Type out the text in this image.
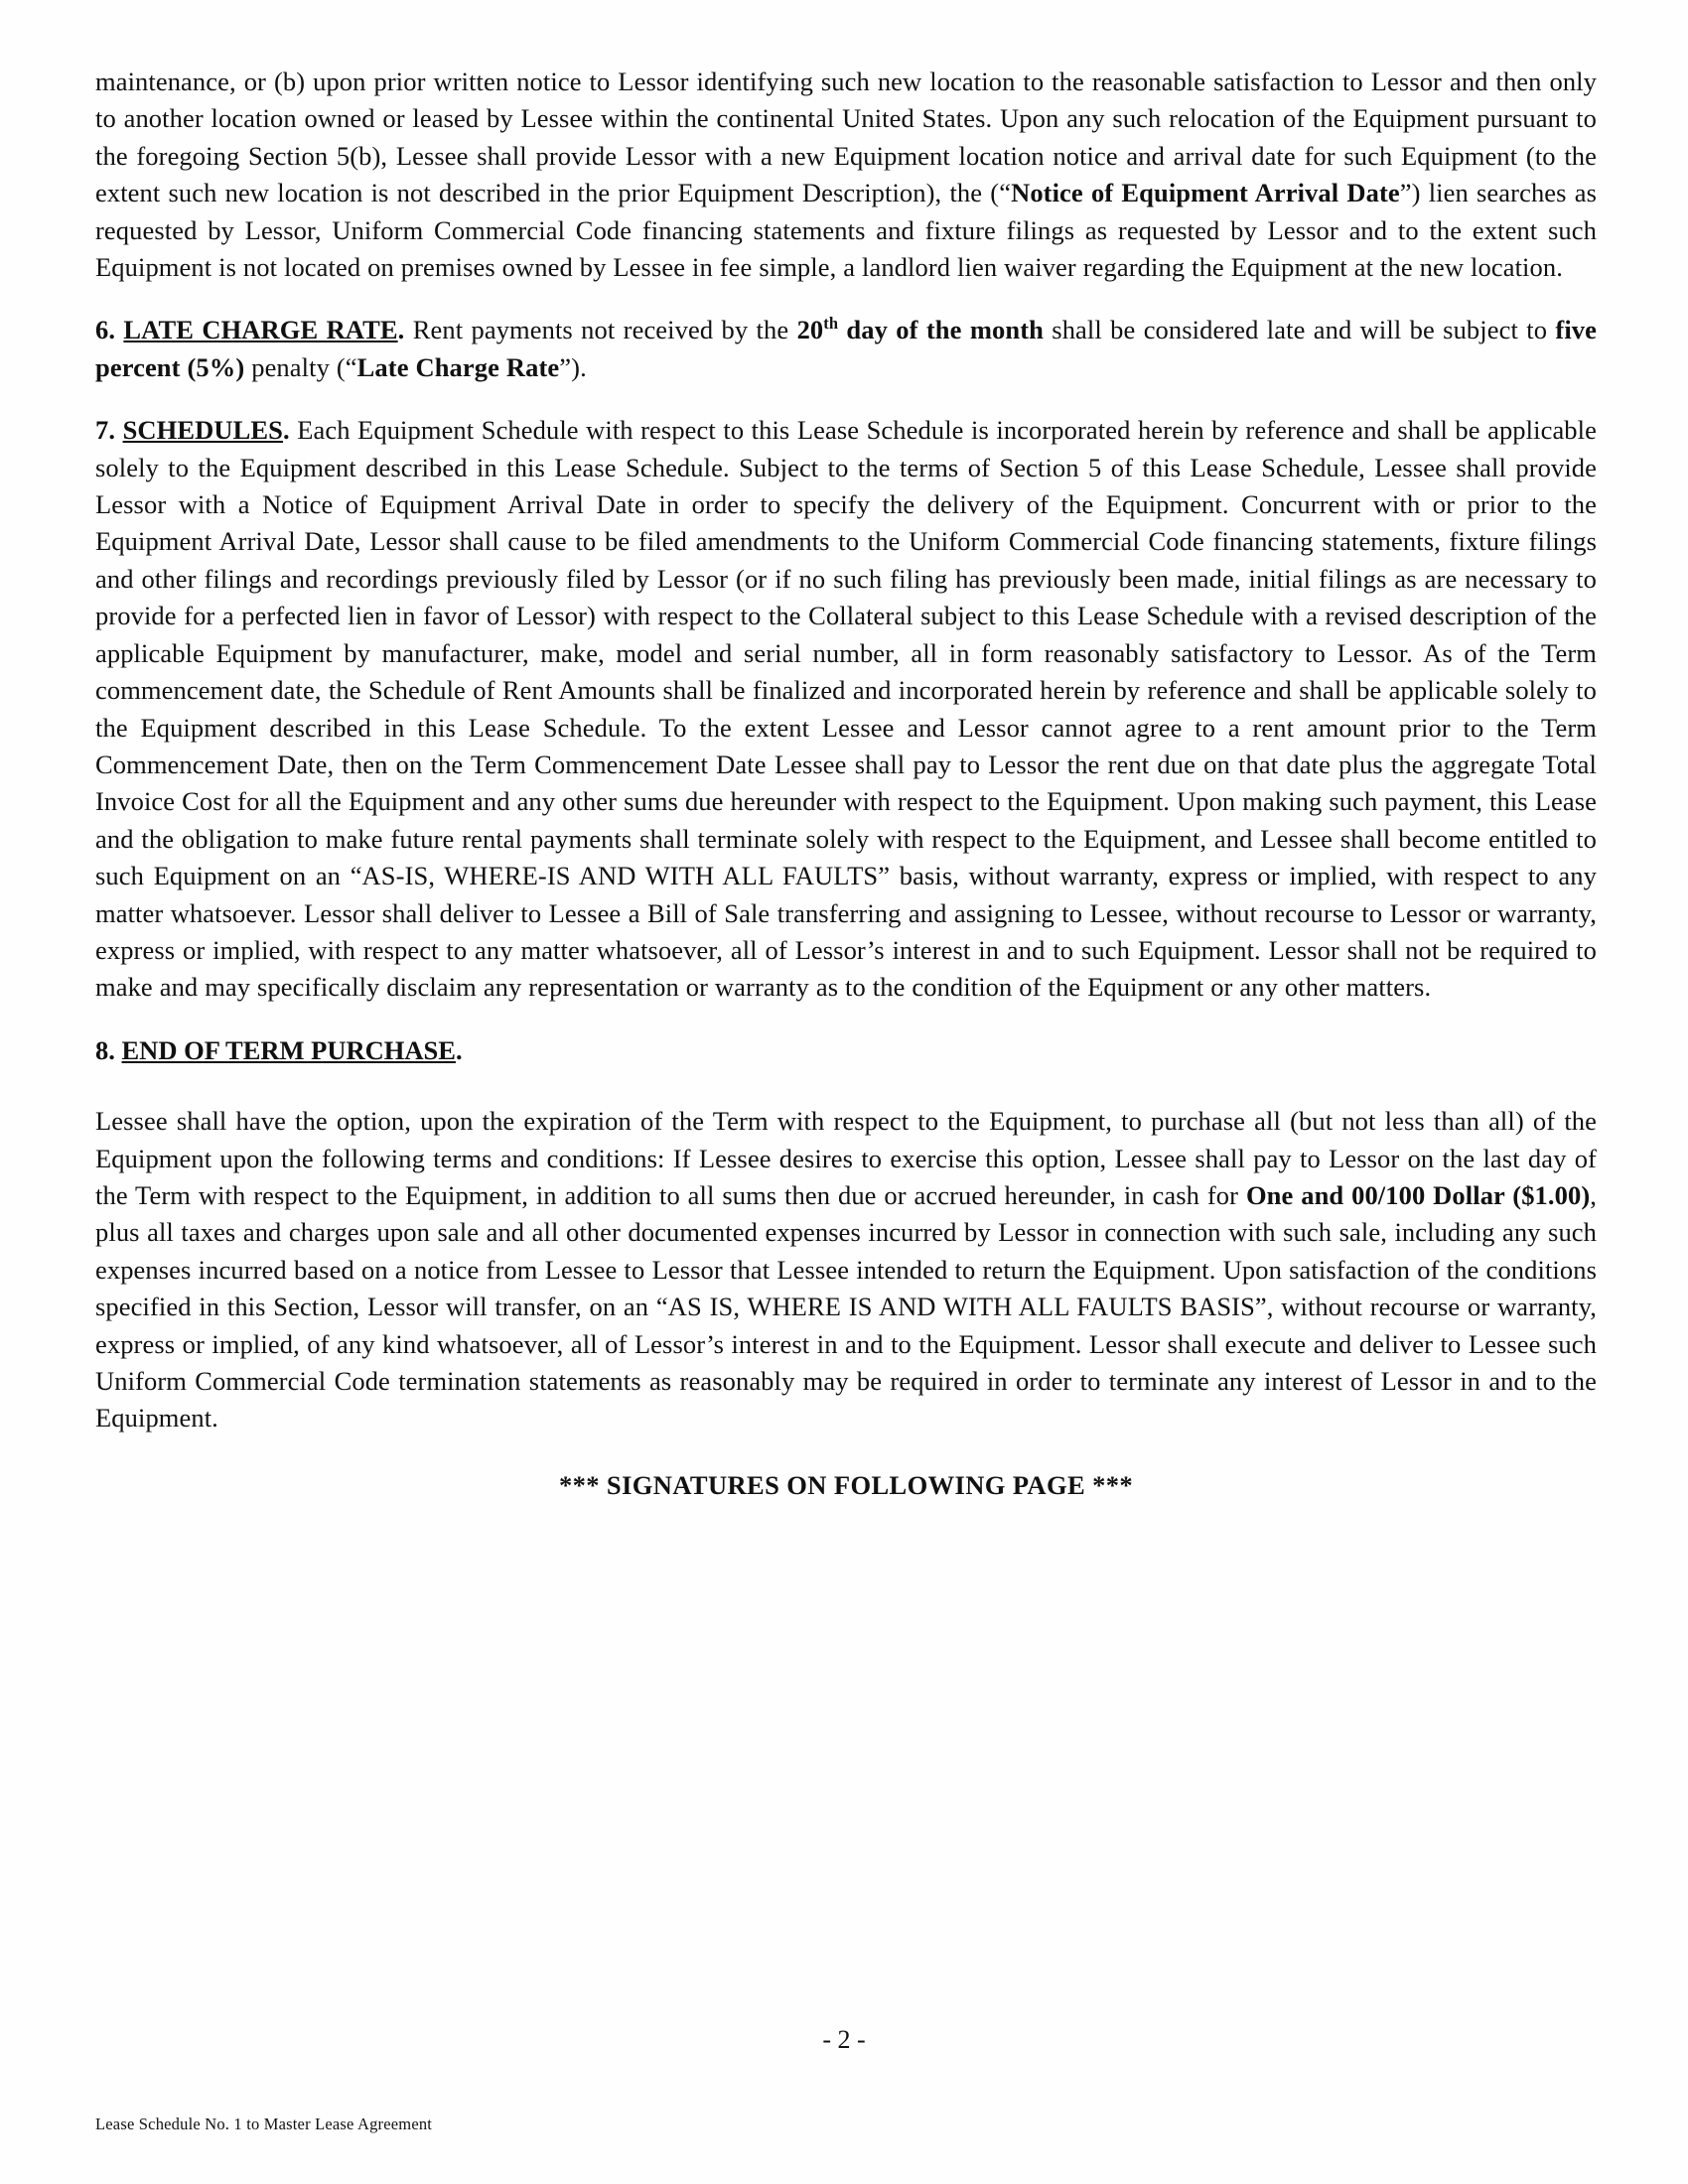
maintenance, or (b) upon prior written notice to Lessor identifying such new location to the reasonable satisfaction to Lessor and then only to another location owned or leased by Lessee within the continental United States. Upon any such relocation of the Equipment pursuant to the foregoing Section 5(b), Lessee shall provide Lessor with a new Equipment location notice and arrival date for such Equipment (to the extent such new location is not described in the prior Equipment Description), the (“Notice of Equipment Arrival Date”) lien searches as requested by Lessor, Uniform Commercial Code financing statements and fixture filings as requested by Lessor and to the extent such Equipment is not located on premises owned by Lessee in fee simple, a landlord lien waiver regarding the Equipment at the new location.

6. LATE CHARGE RATE. Rent payments not received by the 20th day of the month shall be considered late and will be subject to five percent (5%) penalty (“Late Charge Rate”).

7. SCHEDULES. Each Equipment Schedule with respect to this Lease Schedule is incorporated herein by reference and shall be applicable solely to the Equipment described in this Lease Schedule. Subject to the terms of Section 5 of this Lease Schedule, Lessee shall provide Lessor with a Notice of Equipment Arrival Date in order to specify the delivery of the Equipment. Concurrent with or prior to the Equipment Arrival Date, Lessor shall cause to be filed amendments to the Uniform Commercial Code financing statements, fixture filings and other filings and recordings previously filed by Lessor (or if no such filing has previously been made, initial filings as are necessary to provide for a perfected lien in favor of Lessor) with respect to the Collateral subject to this Lease Schedule with a revised description of the applicable Equipment by manufacturer, make, model and serial number, all in form reasonably satisfactory to Lessor. As of the Term commencement date, the Schedule of Rent Amounts shall be finalized and incorporated herein by reference and shall be applicable solely to the Equipment described in this Lease Schedule. To the extent Lessee and Lessor cannot agree to a rent amount prior to the Term Commencement Date, then on the Term Commencement Date Lessee shall pay to Lessor the rent due on that date plus the aggregate Total Invoice Cost for all the Equipment and any other sums due hereunder with respect to the Equipment. Upon making such payment, this Lease and the obligation to make future rental payments shall terminate solely with respect to the Equipment, and Lessee shall become entitled to such Equipment on an “AS-IS, WHERE-IS AND WITH ALL FAULTS” basis, without warranty, express or implied, with respect to any matter whatsoever. Lessor shall deliver to Lessee a Bill of Sale transferring and assigning to Lessee, without recourse to Lessor or warranty, express or implied, with respect to any matter whatsoever, all of Lessor’s interest in and to such Equipment. Lessor shall not be required to make and may specifically disclaim any representation or warranty as to the condition of the Equipment or any other matters.

8. END OF TERM PURCHASE.

Lessee shall have the option, upon the expiration of the Term with respect to the Equipment, to purchase all (but not less than all) of the Equipment upon the following terms and conditions: If Lessee desires to exercise this option, Lessee shall pay to Lessor on the last day of the Term with respect to the Equipment, in addition to all sums then due or accrued hereunder, in cash for One and 00/100 Dollar ($1.00), plus all taxes and charges upon sale and all other documented expenses incurred by Lessor in connection with such sale, including any such expenses incurred based on a notice from Lessee to Lessor that Lessee intended to return the Equipment. Upon satisfaction of the conditions specified in this Section, Lessor will transfer, on an “AS IS, WHERE IS AND WITH ALL FAULTS BASIS”, without recourse or warranty, express or implied, of any kind whatsoever, all of Lessor’s interest in and to the Equipment. Lessor shall execute and deliver to Lessee such Uniform Commercial Code termination statements as reasonably may be required in order to terminate any interest of Lessor in and to the Equipment.

*** SIGNATURES ON FOLLOWING PAGE ***

- 2 -
Lease Schedule No. 1 to Master Lease Agreement
